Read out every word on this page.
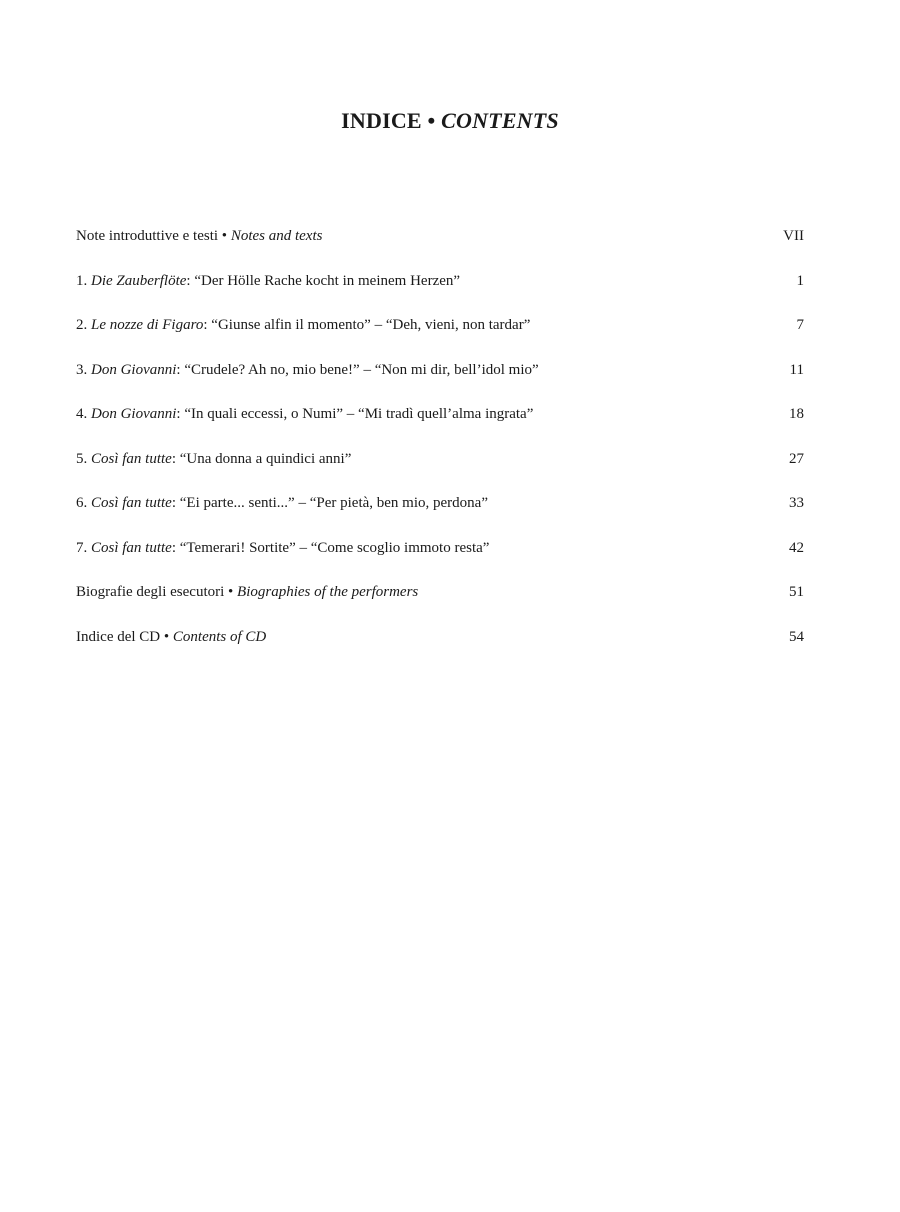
INDICE • CONTENTS
Note introduttive e testi • Notes and texts	VII
1. Die Zauberflöte: “Der Hölle Rache kocht in meinem Herzen”	1
2. Le nozze di Figaro: “Giunse alfin il momento” – “Deh, vieni, non tardar”	7
3. Don Giovanni: “Crudele? Ah no, mio bene!” – “Non mi dir, bell’idol mio”	11
4. Don Giovanni: “In quali eccessi, o Numi” – “Mi tradì quell’alma ingrata”	18
5. Così fan tutte: “Una donna a quindici anni”	27
6. Così fan tutte: “Ei parte... senti...” – “Per pietà, ben mio, perdona”	33
7. Così fan tutte: “Temerari! Sortite” – “Come scoglio immoto resta”	42
Biografie degli esecutori • Biographies of the performers	51
Indice del CD • Contents of CD	54
